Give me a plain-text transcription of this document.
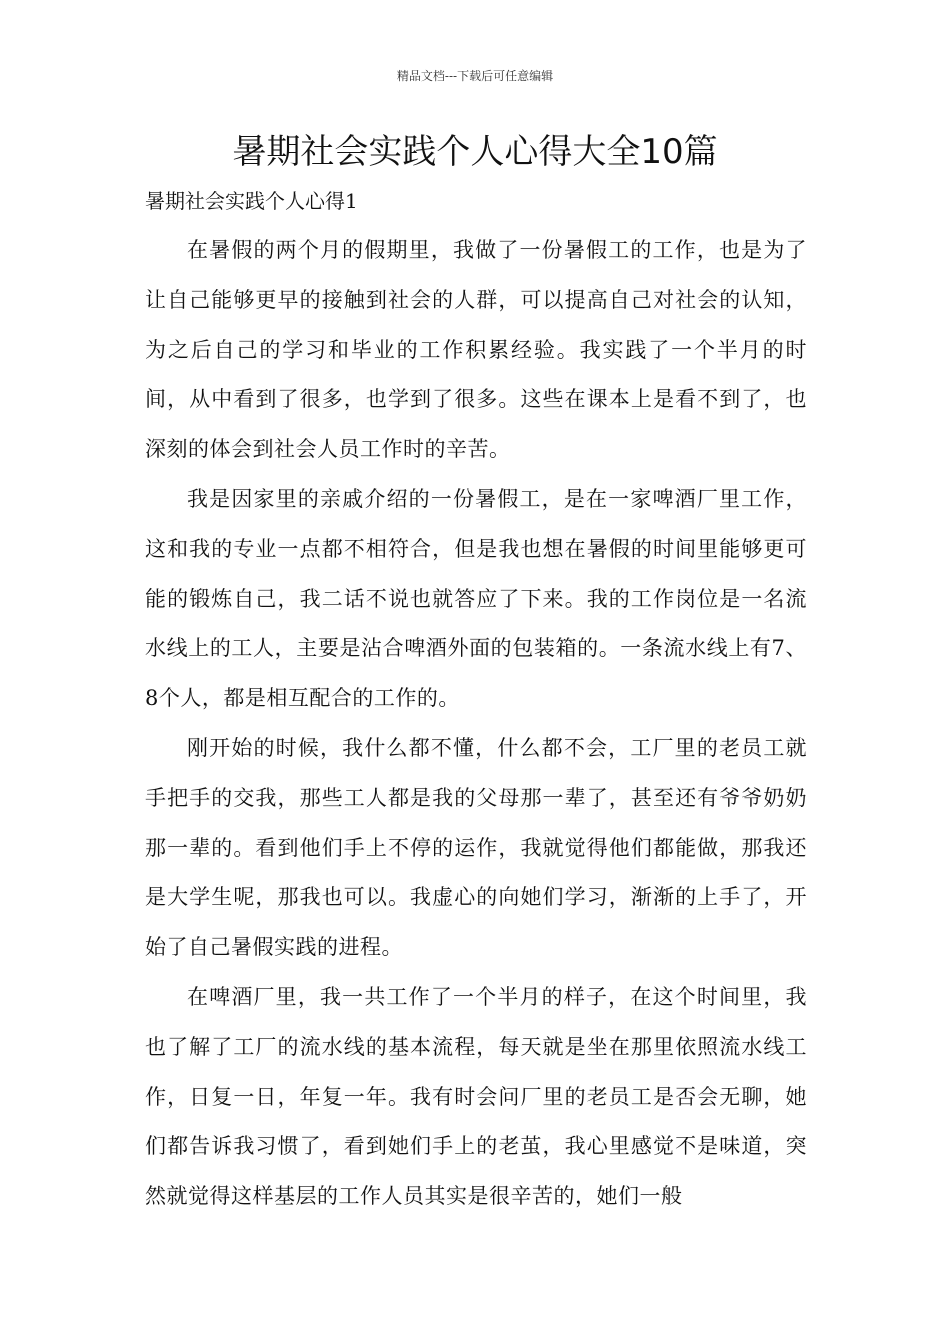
精品文档---下载后可任意编辑
暑期社会实践个人心得大全10篇

暑期社会实践个人心得1

在暑假的两个月的假期里，我做了一份暑假工的工作，也是为了让自己能够更早的接触到社会的人群，可以提高自己对社会的认知，为之后自己的学习和毕业的工作积累经验。我实践了一个半月的时间，从中看到了很多，也学到了很多。这些在课本上是看不到了，也深刻的体会到社会人员工作时的辛苦。

我是因家里的亲戚介绍的一份暑假工，是在一家啤酒厂里工作，这和我的专业一点都不相符合，但是我也想在暑假的时间里能够更可能的锻炼自己，我二话不说也就答应了下来。我的工作岗位是一名流水线上的工人，主要是沾合啤酒外面的包装箱的。一条流水线上有7、8个人，都是相互配合的工作的。

刚开始的时候，我什么都不懂，什么都不会，工厂里的老员工就手把手的交我，那些工人都是我的父母那一辈了，甚至还有爷爷奶奶那一辈的。看到他们手上不停的运作，我就觉得他们都能做，那我还是大学生呢，那我也可以。我虚心的向她们学习，渐渐的上手了，开始了自己暑假实践的进程。

在啤酒厂里，我一共工作了一个半月的样子，在这个时间里，我也了解了工厂的流水线的基本流程，每天就是坐在那里依照流水线工作，日复一日，年复一年。我有时会问厂里的老员工是否会无聊，她们都告诉我习惯了，看到她们手上的老茧，我心里感觉不是味道，突然就觉得这样基层的工作人员其实是很辛苦的，她们一般
